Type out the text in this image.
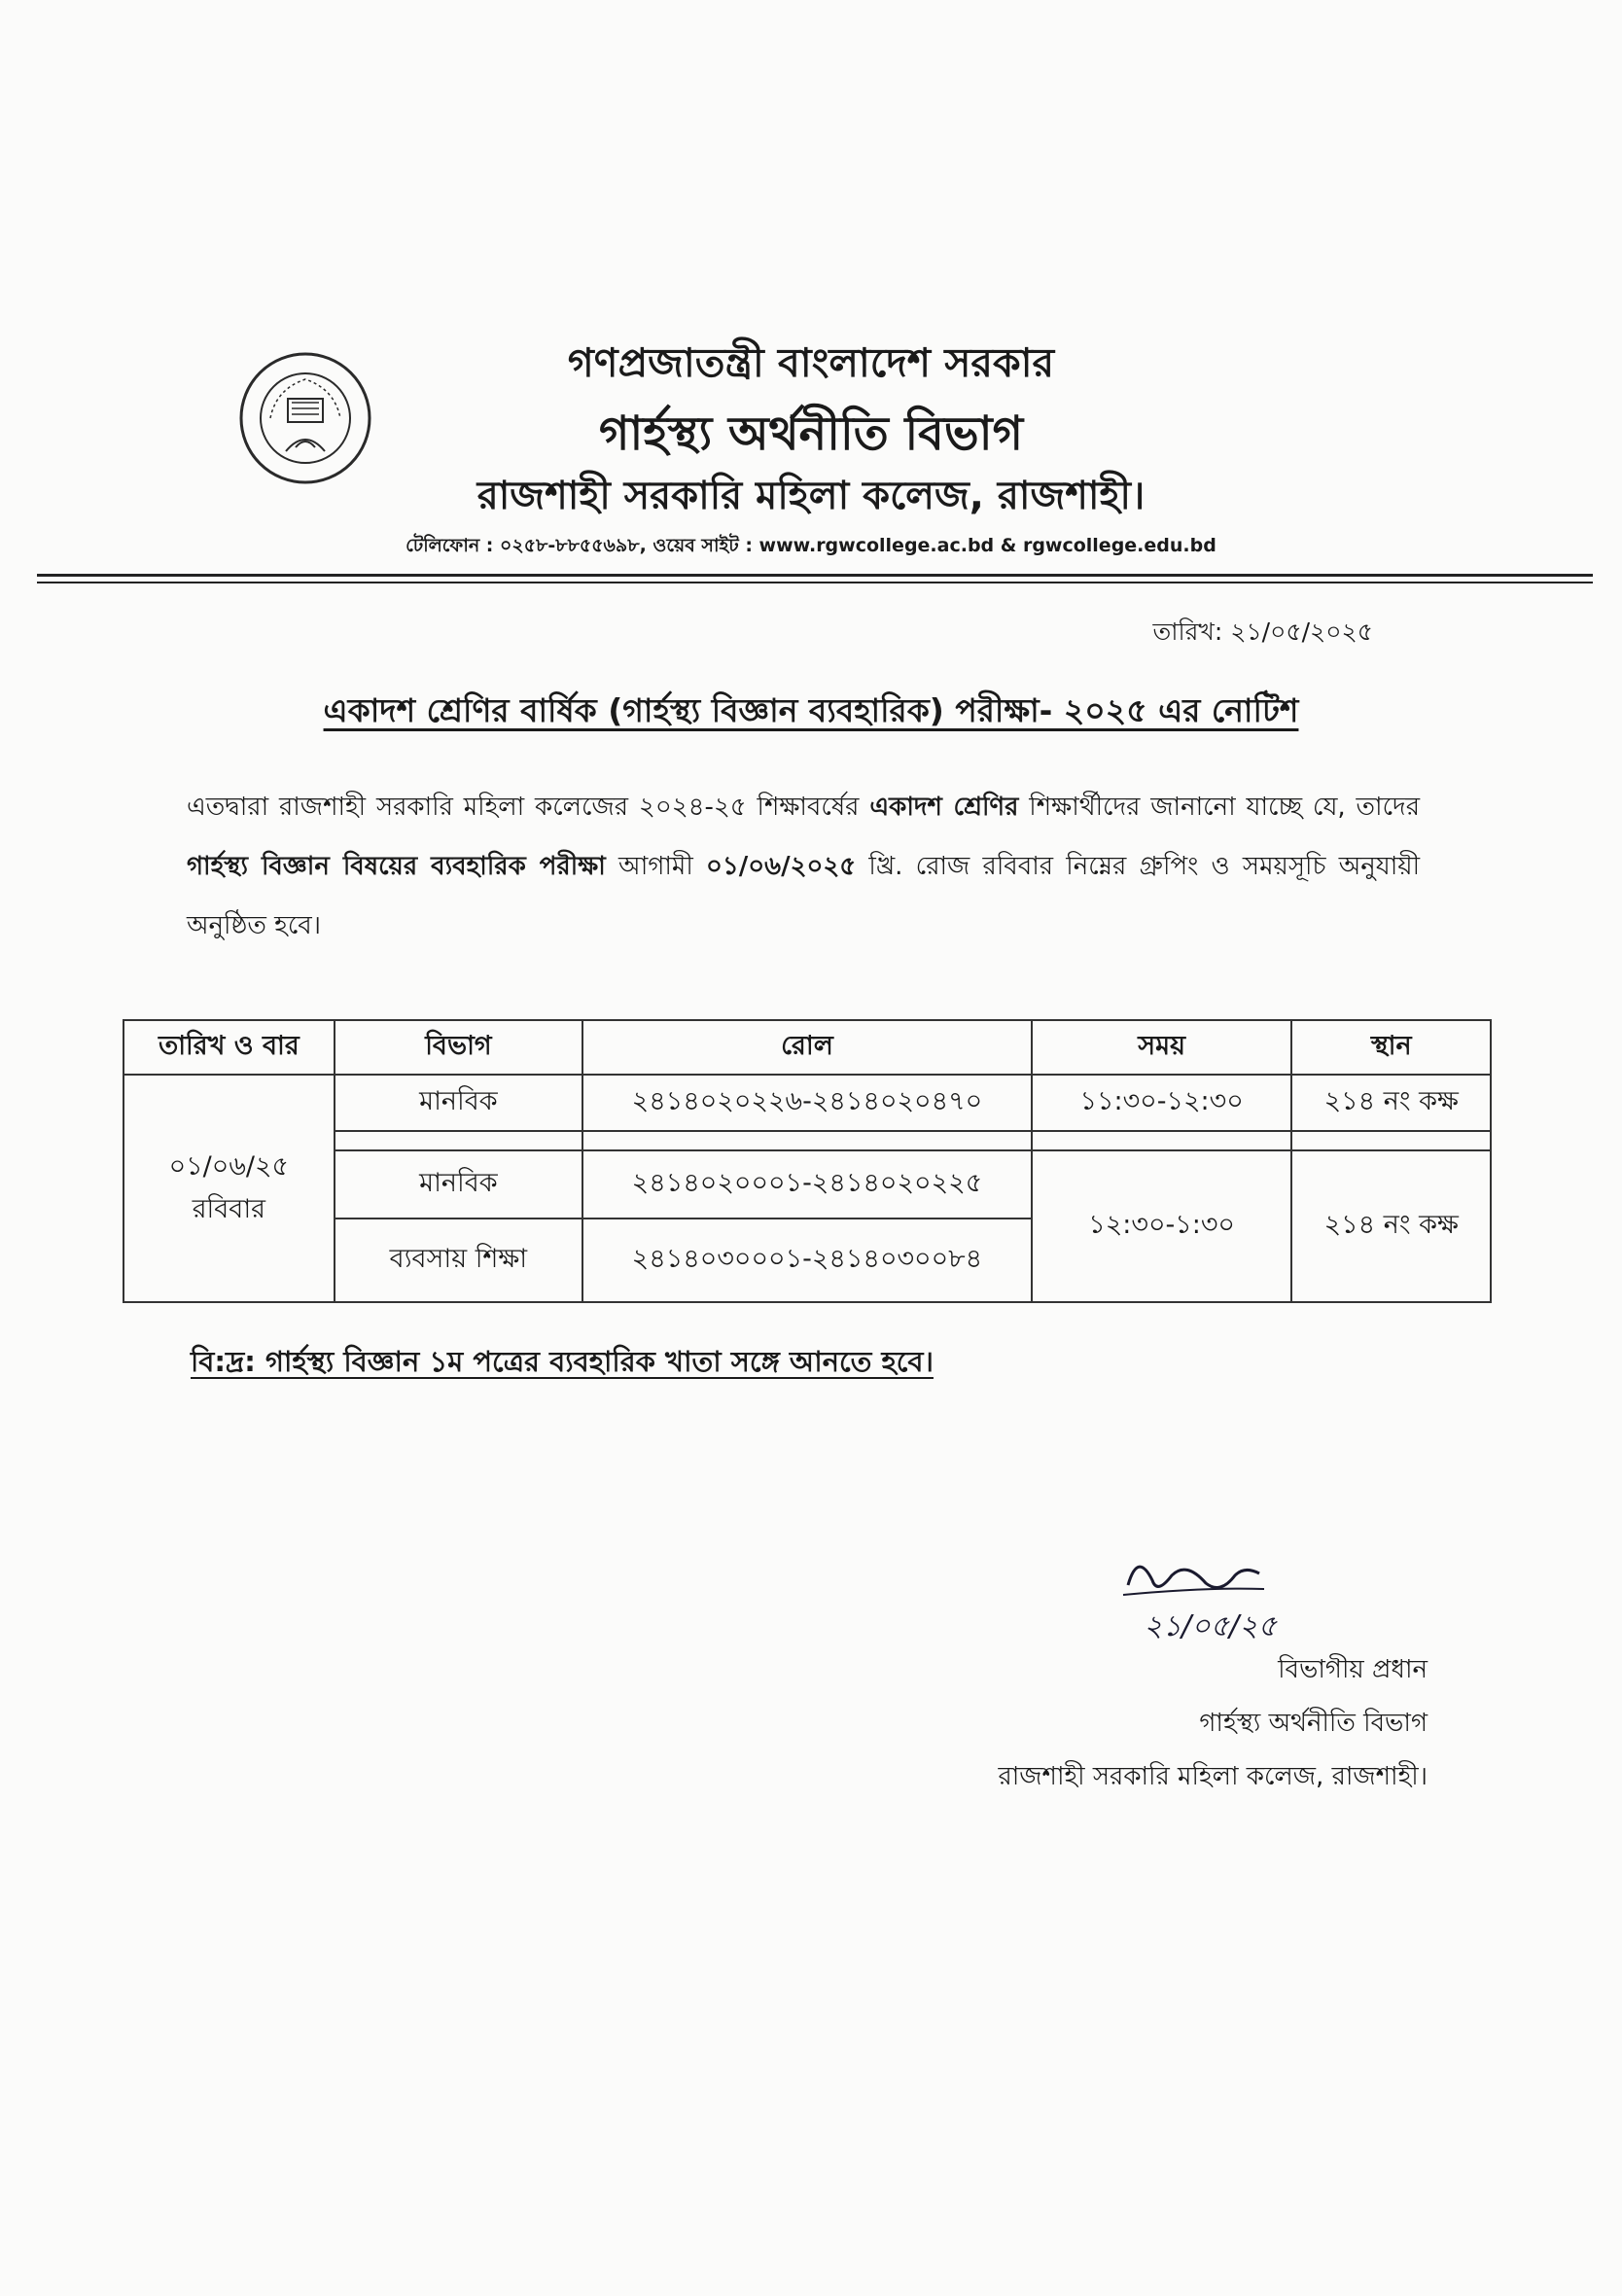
গণপ্রজাতন্ত্রী বাংলাদেশ সরকার
গার্হস্থ্য অর্থনীতি বিভাগ
রাজশাহী সরকারি মহিলা কলেজ, রাজশাহী।
টেলিফোন : ০২৫৮-৮৮৫৫৬৯৮, ওয়েব সাইট : www.rgwcollege.ac.bd & rgwcollege.edu.bd
তারিখ: ২১/০৫/২০২৫
একাদশ শ্রেণির বার্ষিক (গার্হস্থ্য বিজ্ঞান ব্যবহারিক) পরীক্ষা- ২০২৫ এর নোটিশ
এতদ্বারা রাজশাহী সরকারি মহিলা কলেজের ২০২৪-২৫ শিক্ষাবর্ষের একাদশ শ্রেণির শিক্ষার্থীদের জানানো যাচ্ছে যে, তাদের গার্হস্থ্য বিজ্ঞান বিষয়ের ব্যবহারিক পরীক্ষা আগামী ০১/০৬/২০২৫ খ্রি. রোজ রবিবার নিম্নের গ্রুপিং ও সময়সূচি অনুযায়ী অনুষ্ঠিত হবে।
তারিখ ও বার	বিভাগ	রোল	সময়	স্থান

০১/০৬/২৫
রবিবার	মানবিক	২৪১৪০২০২২৬-২৪১৪০২০৪৭০	১১:৩০-১২:৩০	২১৪ নং কক্ষ

	মানবিক	২৪১৪০২০০০১-২৪১৪০২০২২৫	১২:৩০-১:৩০	২১৪ নং কক্ষ
	ব্যবসায় শিক্ষা	২৪১৪০৩০০০১-২৪১৪০৩০০৮৪		
বি:দ্র: গার্হস্থ্য বিজ্ঞান ১ম পত্রের ব্যবহারিক খাতা সঙ্গে আনতে হবে।
২১/০৫/২৫
বিভাগীয় প্রধান
গার্হস্থ্য অর্থনীতি বিভাগ
রাজশাহী সরকারি মহিলা কলেজ, রাজশাহী।
